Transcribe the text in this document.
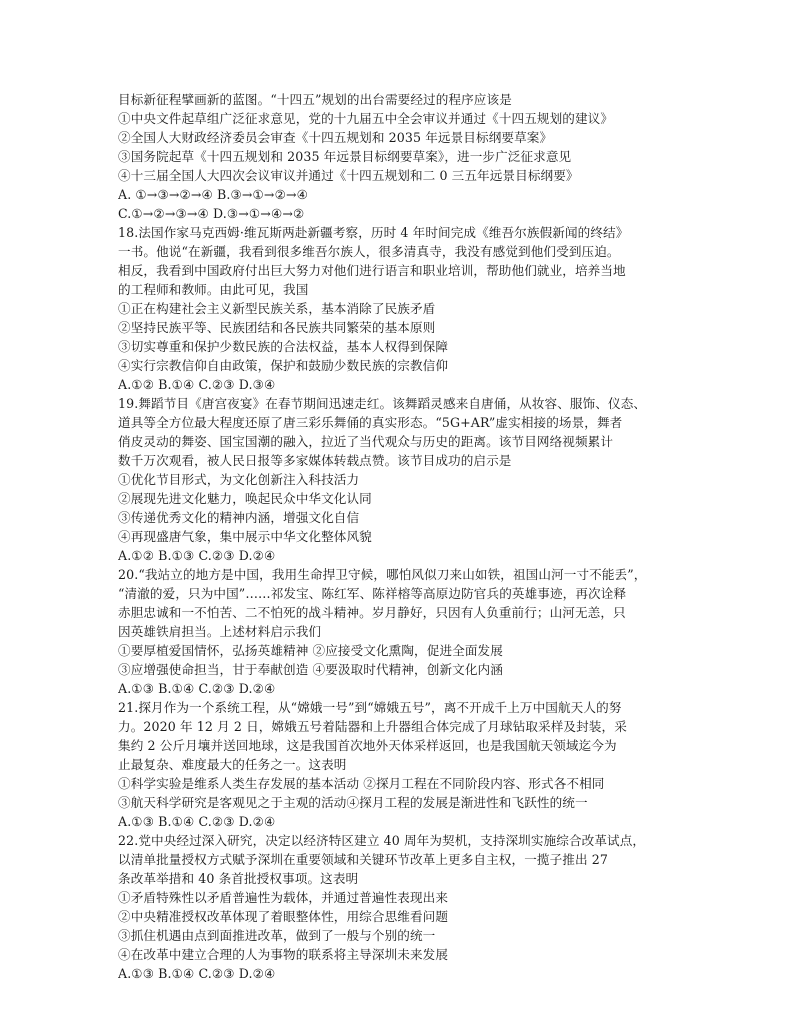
目标新征程擘画新的蓝图。“十四五”规划的出台需要经过的程序应该是
①中央文件起草组广泛征求意见，党的十九届五中全会审议并通过《十四五规划的建议》
②全国人大财政经济委员会审查《十四五规划和 2035 年远景目标纲要草案》
③国务院起草《十四五规划和 2035 年远景目标纲要草案》，进一步广泛征求意见
④十三届全国人大四次会议审议并通过《十四五规划和二 0 三五年远景目标纲要》
A. ①→③→②→④ B.③→①→②→④
C.①→②→③→④ D.③→①→④→②
18.法国作家马克西姆·维瓦斯两赴新疆考察，历时 4 年时间完成《维吾尔族假新闻的终结》
一书。他说“在新疆，我看到很多维吾尔族人，很多清真寺，我没有感觉到他们受到压迫。
相反，我看到中国政府付出巨大努力对他们进行语言和职业培训，帮助他们就业，培养当地
的工程师和教师。由此可见，我国
①正在构建社会主义新型民族关系，基本消除了民族矛盾
②坚持民族平等、民族团结和各民族共同繁荣的基本原则
③切实尊重和保护少数民族的合法权益，基本人权得到保障
④实行宗教信仰自由政策，保护和鼓励少数民族的宗教信仰
A.①② B.①④ C.②③ D.③④
19.舞蹈节目《唐宫夜宴》在春节期间迅速走红。该舞蹈灵感来自唐俑，从妆容、服饰、仪态、
道具等全方位最大程度还原了唐三彩乐舞俑的真实形态。“5G+AR”虚实相接的场景，舞者
俏皮灵动的舞姿、国宝国潮的融入，拉近了当代观众与历史的距离。该节目网络视频累计
数千万次观看，被人民日报等多家媒体转载点赞。该节目成功的启示是
①优化节目形式，为文化创新注入科技活力
②展现先进文化魅力，唤起民众中华文化认同
③传递优秀文化的精神内涵，增强文化自信
④再现盛唐气象，集中展示中华文化整体风貌
A.①② B.①③ C.②③ D.②④
20.“我站立的地方是中国，我用生命捍卫守候，哪怕风似刀来山如铁，祖国山河一寸不能丢”，
“清澈的爱，只为中国”……祁发宝、陈红军、陈祥榕等高原边防官兵的英雄事迹，再次诠释
赤胆忠诚和一不怕苦、二不怕死的战斗精神。岁月静好，只因有人负重前行；山河无恙，只
因英雄铁肩担当。上述材料启示我们
①要厚植爱国情怀，弘扬英雄精神 ②应接受文化熏陶，促进全面发展
③应增强使命担当，甘于奉献创造 ④要汲取时代精神，创新文化内涵
A.①③ B.①④ C.②③ D.②④
21.探月作为一个系统工程，从“嫦娥一号”到“嫦娥五号”，离不开成千上万中国航天人的努
力。2020 年 12 月 2 日，嫦娥五号着陆器和上升器组合体完成了月球钻取采样及封装，采
集约 2 公斤月壤并送回地球，这是我国首次地外天体采样返回，也是我国航天领域迄今为
止最复杂、难度最大的任务之一。这表明
①科学实验是维系人类生存发展的基本活动 ②探月工程在不同阶段内容、形式各不相同
③航天科学研究是客观见之于主观的活动④探月工程的发展是渐进性和飞跃性的统一
A.①③ B.①④ C.②③ D.②④
22.党中央经过深入研究，决定以经济特区建立 40 周年为契机，支持深圳实施综合改革试点，
以清单批量授权方式赋予深圳在重要领域和关键环节改革上更多自主权，一揽子推出 27
条改革举措和 40 条首批授权事项。这表明
①矛盾特殊性以矛盾普遍性为载体，并通过普遍性表现出来
②中央精准授权改革体现了着眼整体性，用综合思维看问题
③抓住机遇由点到面推进改革，做到了一般与个别的统一
④在改革中建立合理的人为事物的联系将主导深圳未来发展
A.①③ B.①④ C.②③ D.②④
